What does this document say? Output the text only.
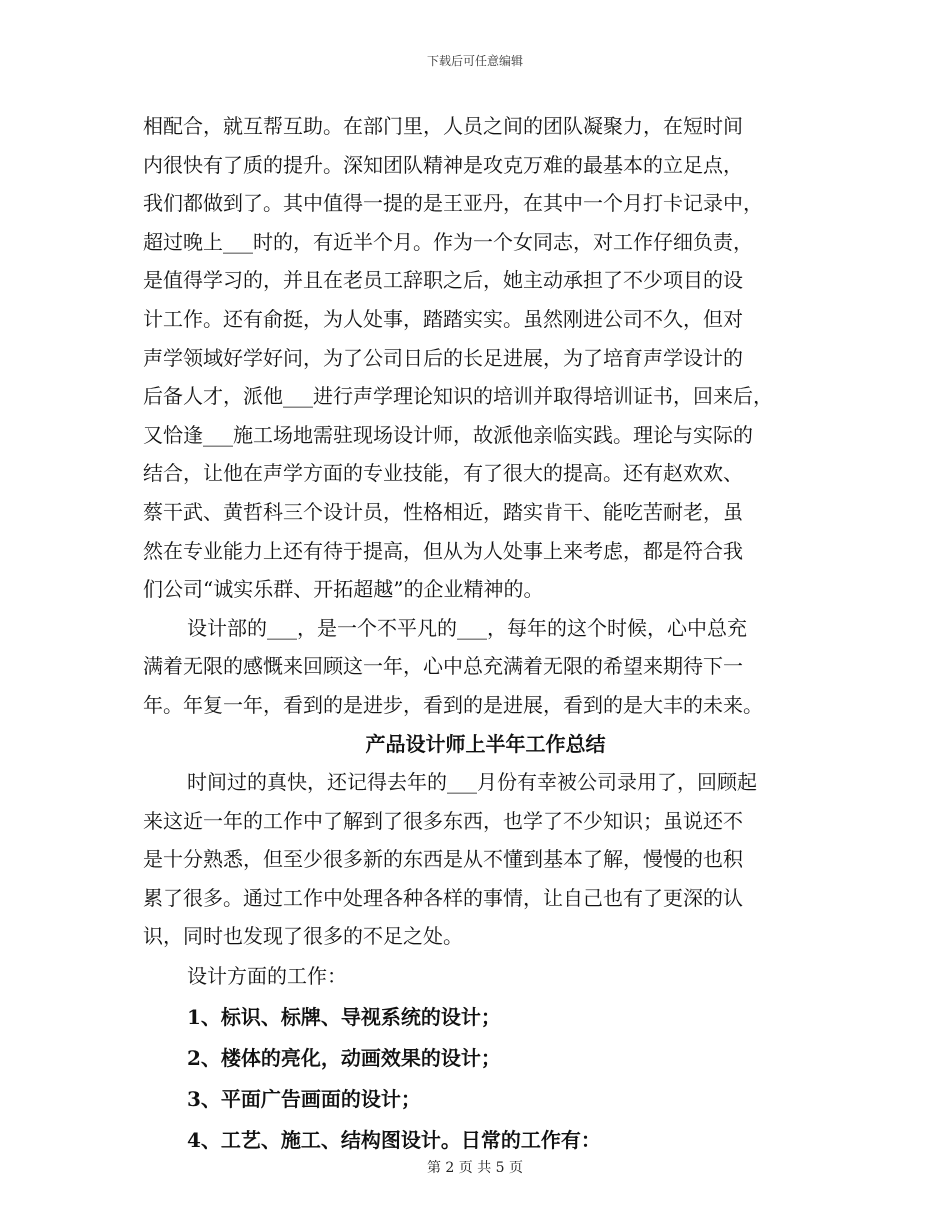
下载后可任意编辑
相配合，就互帮互助。在部门里，人员之间的团队凝聚力，在短时间
内很快有了质的提升。深知团队精神是攻克万难的最基本的立足点，
我们都做到了。其中值得一提的是王亚丹，在其中一个月打卡记录中，
超过晚上___时的，有近半个月。作为一个女同志，对工作仔细负责，
是值得学习的，并且在老员工辞职之后，她主动承担了不少项目的设
计工作。还有俞挺，为人处事，踏踏实实。虽然刚进公司不久，但对
声学领域好学好问，为了公司日后的长足进展，为了培育声学设计的
后备人才，派他___进行声学理论知识的培训并取得培训证书，回来后，
又恰逢___施工场地需驻现场设计师，故派他亲临实践。理论与实际的
结合，让他在声学方面的专业技能，有了很大的提高。还有赵欢欢、
蔡干武、黄哲科三个设计员，性格相近，踏实肯干、能吃苦耐老，虽
然在专业能力上还有待于提高，但从为人处事上来考虑，都是符合我
们公司“诚实乐群、开拓超越”的企业精神的。
设计部的___，是一个不平凡的___，每年的这个时候，心中总充
满着无限的感慨来回顾这一年，心中总充满着无限的希望来期待下一
年。年复一年，看到的是进步，看到的是进展，看到的是大丰的未来。
产品设计师上半年工作总结
时间过的真快，还记得去年的___月份有幸被公司录用了，回顾起
来这近一年的工作中了解到了很多东西，也学了不少知识；虽说还不
是十分熟悉，但至少很多新的东西是从不懂到基本了解，慢慢的也积
累了很多。通过工作中处理各种各样的事情，让自己也有了更深的认
识，同时也发现了很多的不足之处。
设计方面的工作：
1、标识、标牌、导视系统的设计；
2、楼体的亮化，动画效果的设计；
3、平面广告画面的设计；
4、工艺、施工、结构图设计。日常的工作有：
第 2 页 共 5 页
